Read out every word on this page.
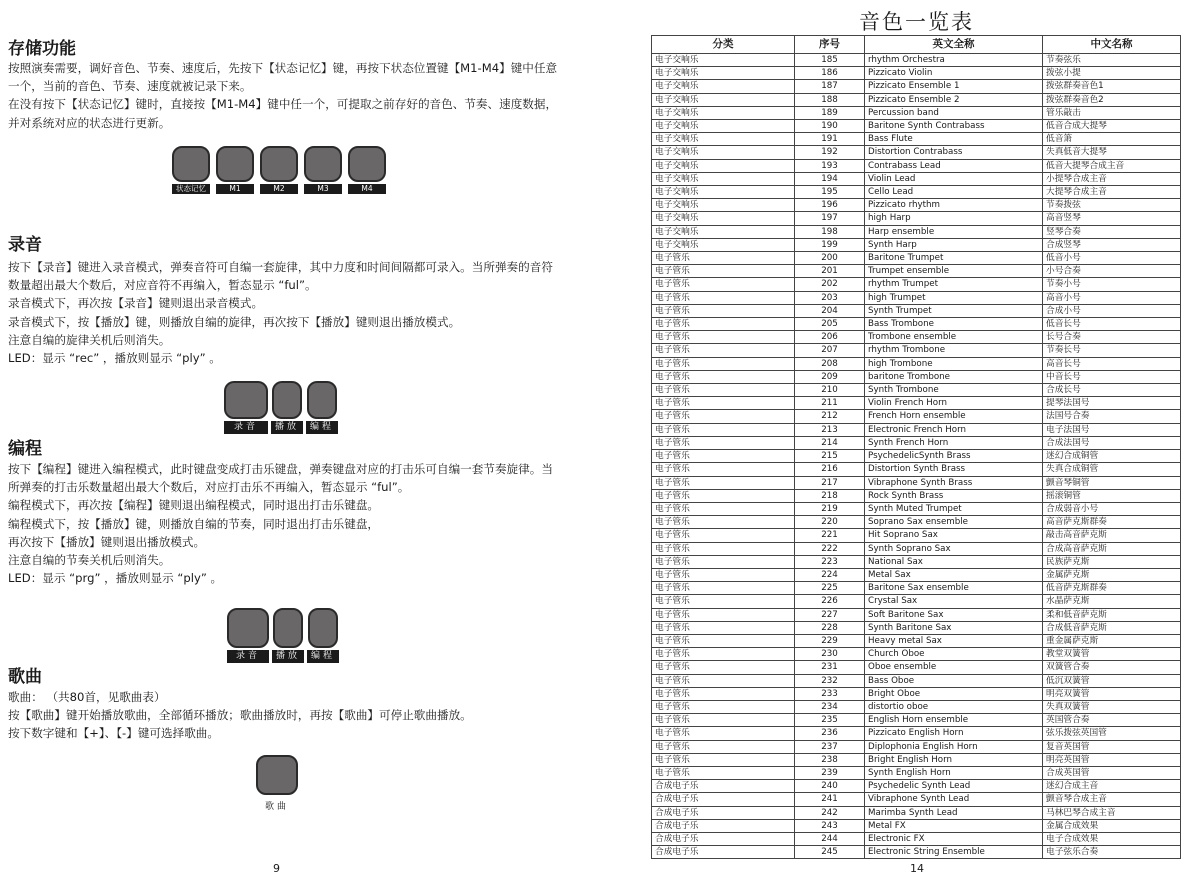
存储功能

按照演奏需要，调好音色、节奏、速度后，先按下【状态记忆】键，再按下状态位置键【M1-M4】键中任意一个，当前的音色、节奏、速度就被记录下来。

在没有按下【状态记忆】键时，直接按【M1-M4】键中任一个，可提取之前存好的音色、节奏、速度数据，并对系统对应的状态进行更新。

状态记忆	M1	M2	M3	M4
录音

按下【录音】键进入录音模式，弹奏音符可自编一套旋律，其中力度和时间间隔都可录入。当所弹奏的音符数量超出最大个数后，对应音符不再编入，暂态显示 “ful”。

录音模式下，再次按【录音】键则退出录音模式。

录音模式下，按【播放】键，则播放自编的旋律，再次按下【播放】键则退出播放模式。

注意自编的旋律关机后则消失。

LED：显示 “rec” ，播放则显示 “ply” 。

录音	播放	编程
编程

按下【编程】键进入编程模式，此时键盘变成打击乐键盘，弹奏键盘对应的打击乐可自编一套节奏旋律。当所弹奏的打击乐数量超出最大个数后，对应打击乐不再编入，暂态显示 “ful”。

编程模式下，再次按【编程】键则退出编程模式，同时退出打击乐键盘。

编程模式下，按【播放】键，则播放自编的节奏，同时退出打击乐键盘，

再次按下【播放】键则退出播放模式。

注意自编的节奏关机后则消失。

LED：显示 “prg” ，播放则显示 “ply” 。

录音	播放	编程
歌曲

歌曲： （共80首，见歌曲表）

按【歌曲】键开始播放歌曲，全部循环播放；歌曲播放时，再按【歌曲】可停止歌曲播放。

按下数字键和【+】、【-】键可选择歌曲。

歌曲
9
音色一览表
分类	序号	英文全称	中文名称
电子交响乐	185	rhythm Orchestra	节奏弦乐
电子交响乐	186	Pizzicato Violin	拨弦小提
电子交响乐	187	Pizzicato Ensemble 1	拨弦群奏音色1
电子交响乐	188	Pizzicato Ensemble 2	拨弦群奏音色2
电子交响乐	189	Percussion band	管乐敲击
电子交响乐	190	Baritone Synth Contrabass	低音合成大提琴
电子交响乐	191	Bass Flute	低音箫
电子交响乐	192	Distortion Contrabass	失真低音大提琴
电子交响乐	193	Contrabass Lead	低音大提琴合成主音
电子交响乐	194	Violin Lead	小提琴合成主音
电子交响乐	195	Cello Lead	大提琴合成主音
电子交响乐	196	Pizzicato rhythm	节奏拨弦
电子交响乐	197	high Harp	高音竖琴
电子交响乐	198	Harp ensemble	竖琴合奏
电子交响乐	199	Synth Harp	合成竖琴
电子管乐	200	Baritone Trumpet	低音小号
电子管乐	201	Trumpet ensemble	小号合奏
电子管乐	202	rhythm Trumpet	节奏小号
电子管乐	203	high Trumpet	高音小号
电子管乐	204	Synth Trumpet	合成小号
电子管乐	205	Bass Trombone	低音长号
电子管乐	206	Trombone ensemble	长号合奏
电子管乐	207	rhythm Trombone	节奏长号
电子管乐	208	high Trombone	高音长号
电子管乐	209	baritone Trombone	中音长号
电子管乐	210	Synth Trombone	合成长号
电子管乐	211	Violin French Horn	提琴法国号
电子管乐	212	French Horn ensemble	法国号合奏
电子管乐	213	Electronic French Horn	电子法国号
电子管乐	214	Synth French Horn	合成法国号
电子管乐	215	PsychedelicSynth Brass	迷幻合成铜管
电子管乐	216	Distortion Synth Brass	失真合成铜管
电子管乐	217	Vibraphone Synth Brass	颤音琴铜管
电子管乐	218	Rock Synth Brass	摇滚铜管
电子管乐	219	Synth Muted Trumpet	合成弱音小号
电子管乐	220	Soprano Sax ensemble	高音萨克斯群奏
电子管乐	221	Hit Soprano Sax	敲击高音萨克斯
电子管乐	222	Synth Soprano Sax	合成高音萨克斯
电子管乐	223	National Sax	民族萨克斯
电子管乐	224	Metal Sax	金属萨克斯
电子管乐	225	Baritone Sax ensemble	低音萨克斯群奏
电子管乐	226	Crystal Sax	水晶萨克斯
电子管乐	227	Soft Baritone Sax	柔和低音萨克斯
电子管乐	228	Synth Baritone Sax	合成低音萨克斯
电子管乐	229	Heavy metal Sax	重金属萨克斯
电子管乐	230	Church Oboe	教堂双簧管
电子管乐	231	Oboe ensemble	双簧管合奏
电子管乐	232	Bass Oboe	低沉双簧管
电子管乐	233	Bright Oboe	明亮双簧管
电子管乐	234	distortio oboe	失真双簧管
电子管乐	235	English Horn ensemble	英国管合奏
电子管乐	236	Pizzicato English Horn	弦乐拨弦英国管
电子管乐	237	Diplophonia English Horn	复音英国管
电子管乐	238	Bright English Horn	明亮英国管
电子管乐	239	Synth English Horn	合成英国管
合成电子乐	240	Psychedelic Synth Lead	迷幻合成主音
合成电子乐	241	Vibraphone Synth Lead	颤音琴合成主音
合成电子乐	242	Marimba Synth Lead	马林巴琴合成主音
合成电子乐	243	Metal FX	金属合成效果
合成电子乐	244	Electronic FX	电子合成效果
合成电子乐	245	Electronic String Ensemble	电子弦乐合奏
14
